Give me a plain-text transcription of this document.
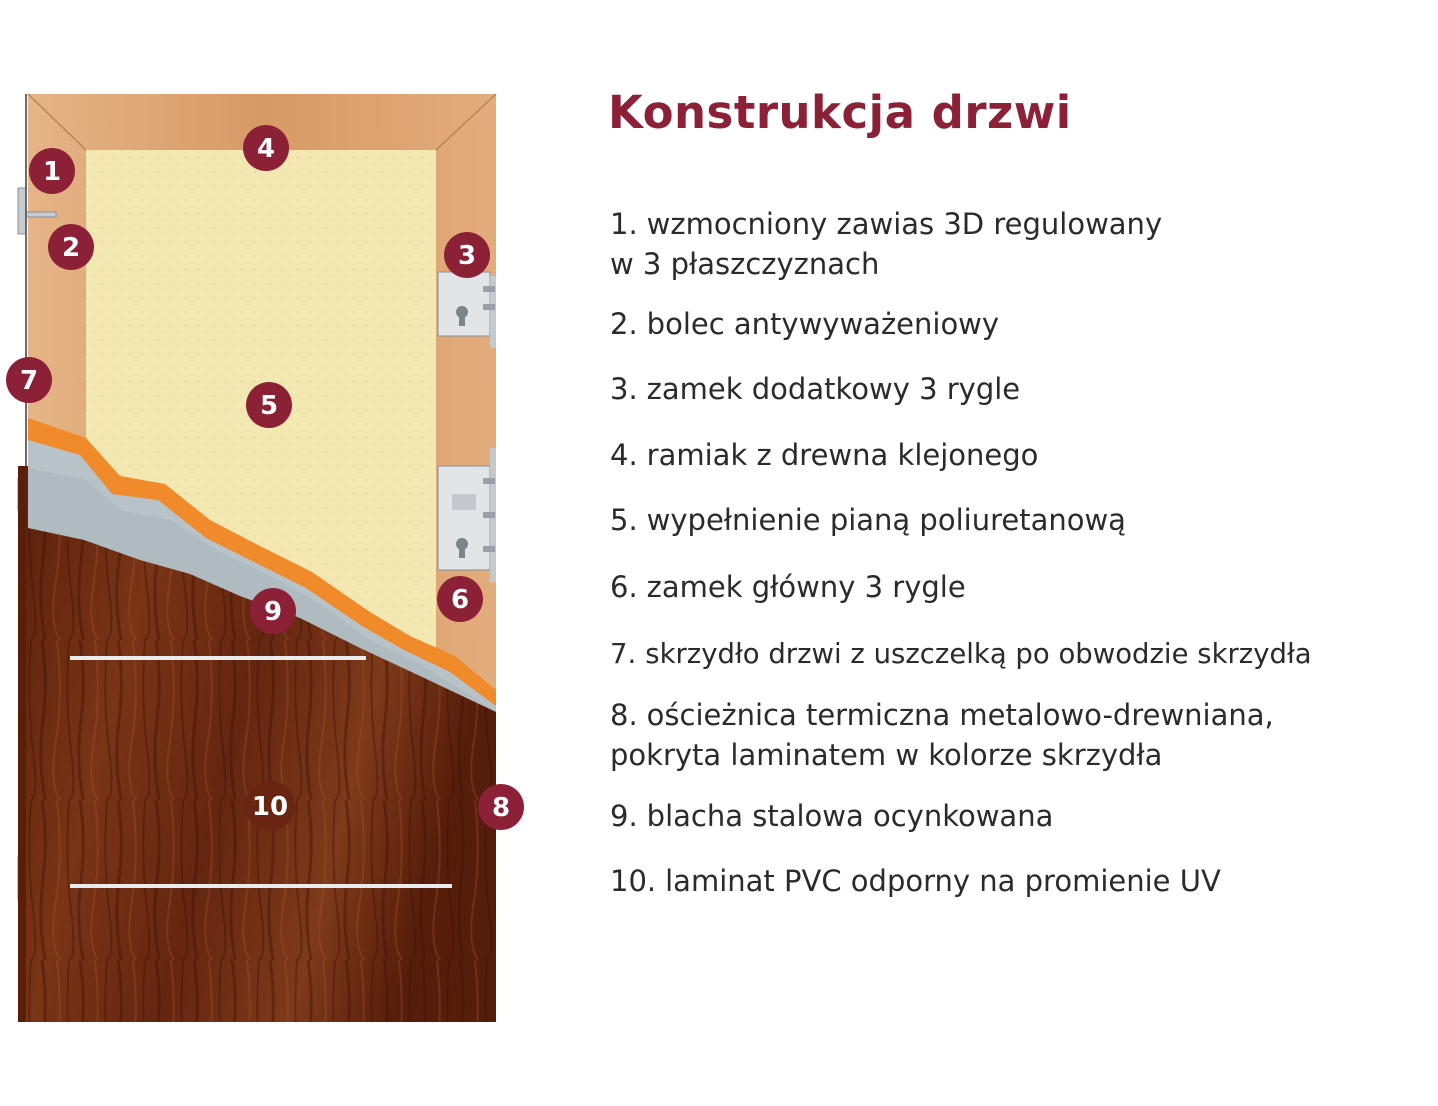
1
2	3
4
5
6
7
8
9
10
Konstrukcja drzwi
1. wzmocniony zawias 3D regulowany
w 3 płaszczyznach
2. bolec antywyważeniowy
3. zamek dodatkowy 3 rygle
4. ramiak z drewna klejonego
5. wypełnienie pianą poliuretanową
6. zamek główny 3 rygle
7. skrzydło drzwi z uszczelką po obwodzie skrzydła
8. ościeżnica termiczna metalowo-drewniana,
pokryta laminatem w kolorze skrzydła
9. blacha stalowa ocynkowana
10. laminat PVC odporny na promienie UV
